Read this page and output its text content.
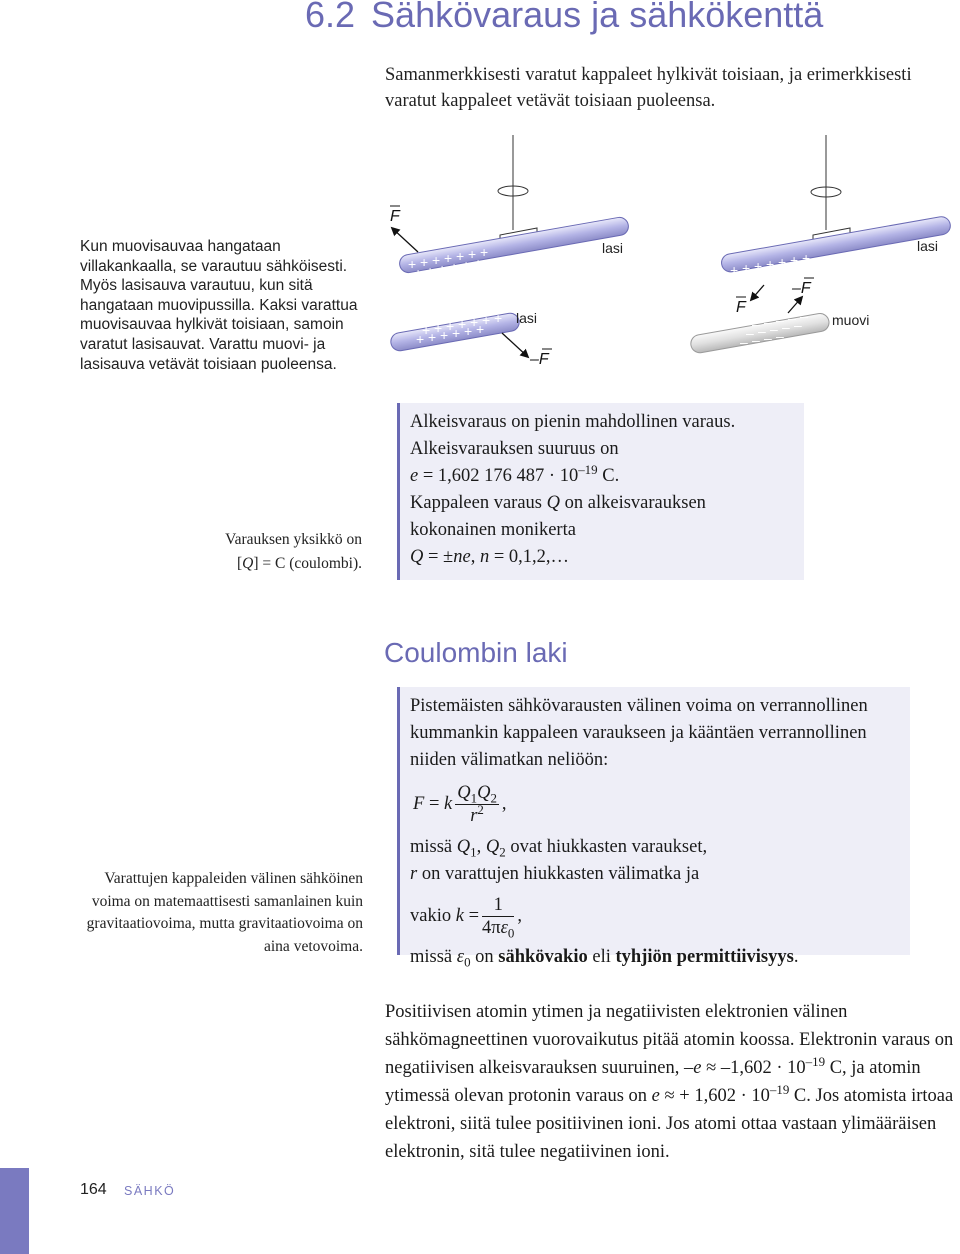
6.2 Sähkövaraus ja sähkökenttä
Samanmerkkisesti varatut kappaleet hylkivät toisiaan, ja erimerkkisesti varatut kappaleet vetävät toisiaan puoleensa.
Kun muovisauvaa hangataan villakankaalla, se varautuu sähköisesti. Myös lasisauva varautuu, kun sitä hangataan muovipussilla. Kaksi varattua muovisauvaa hylkivät toisiaan, samoin varatut lasisauvat. Varattu muovi- ja lasisauva vetävät toisiaan puoleensa.
+ + + + + + +
+ + + + + +
F
lasi
+ + + + + + +
+ + + + + +
lasi
–F
+ + + + + + +
+ + + + +
lasi
F
– – – – –
– – – – –
– – – –
–F
muovi
Varauksen yksikkö on
[Q] = C (coulombi).
Alkeisvaraus on pienin mahdollinen varaus.
Alkeisvarauksen suuruus on
e = 1,602 176 $487 \cdot 10^{-19}$ C.
Kappaleen varaus Q on alkeisvarauksen
kokonainen monikerta
Q = ±ne, n = 0,1,2,…
Coulombin laki
Pistemäisten sähkövarausten välinen voima on verrannollinen kummankin kappaleen varaukseen ja kääntäen verrannollinen niiden välimatkan neliöön:
F = k $\frac{Q_1Q_2}{r^2}$ ,
missä $Q_1$, $Q_2$ ovat hiukkasten varaukset,
r on varattujen hiukkasten välimatka ja
vakio
$k = \frac{1}{4\pi\varepsilon_0}$ ,
missä $\varepsilon_0$ on sähkövakio eli tyhjiön permittiivisyys.
Varattujen kappaleiden välinen sähköinen voima on matemaattisesti samanlainen kuin gravitaatiovoima, mutta gravitaatiovoima on aina vetovoima.
Positiivisen atomin ytimen ja negatiivisten elektronien välinen sähkömagneettinen vuorovaikutus pitää atomin koossa. Elektronin varaus on negatiivisen alkeisvarauksen suuruinen, $-e \approx -1,602 \cdot 10^{-19}$ C, ja atomin ytimessä olevan protonin varaus on e ≈ + $1,602 \cdot 10^{-19}$ C. Jos atomista irtoaa elektroni, siitä tulee positiivinen ioni. Jos atomi ottaa vastaan ylimääräisen elektronin, sitä tulee negatiivinen ioni.
164 SÄHKÖ
